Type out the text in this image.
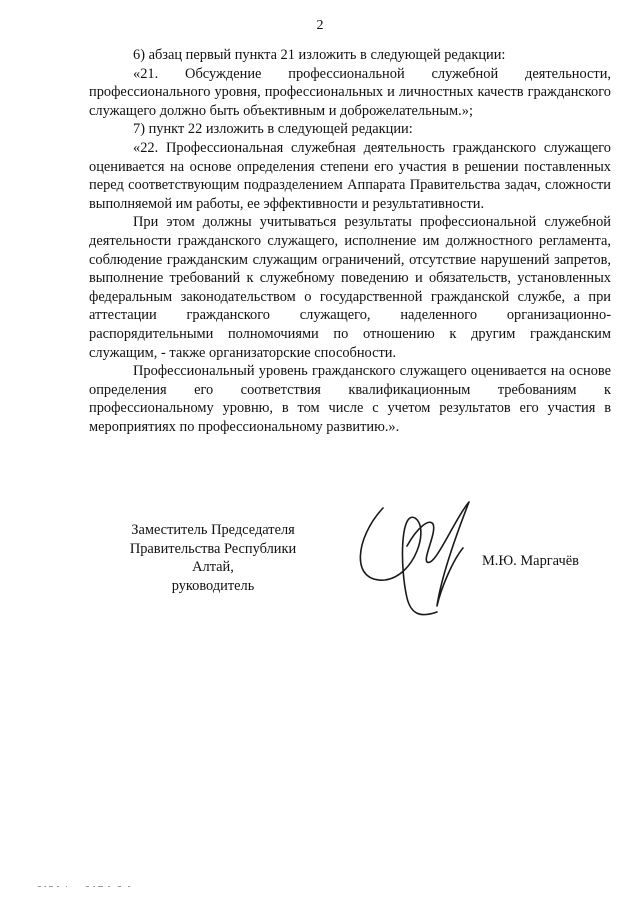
2

6) абзац первый пункта 21 изложить в следующей редакции:

«21. Обсуждение профессиональной служебной деятельности, профессионального уровня, профессиональных и личностных качеств гражданского служащего должно быть объективным и доброжелательным.»;

7) пункт 22 изложить в следующей редакции:

«22. Профессиональная служебная деятельность гражданского служащего оценивается на основе определения степени его участия в решении поставленных перед соответствующим подразделением Аппарата Правительства задач, сложности выполняемой им работы, ее эффективности и результативности.

При этом должны учитываться результаты профессиональной служебной деятельности гражданского служащего, исполнение им должностного регламента, соблюдение гражданским служащим ограничений, отсутствие нарушений запретов, выполнение требований к служебному поведению и обязательств, установленных федеральным законодательством о государственной гражданской службе, а при аттестации гражданского служащего, наделенного организационно-распорядительными полномочиями по отношению к другим гражданским служащим, - также организаторские способности.

Профессиональный уровень гражданского служащего оценивается на основе определения его соответствия квалификационным требованиям к профессиональному уровню, в том числе с учетом результатов его участия в мероприятиях по профессиональному развитию.».

Заместитель Председателя
Правительства Республики Алтай,
руководитель
М.Ю. Маргачёв
